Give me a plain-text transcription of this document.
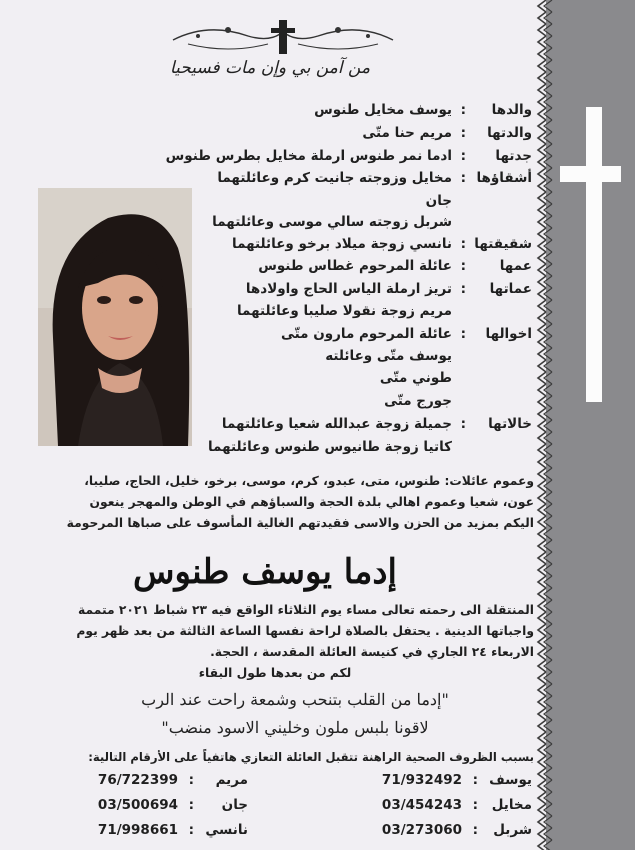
من آمن بي وإن مات فسيحيا
والدها
:
يوسف مخايل طنوس
والدتها
:
مريم حنا متّى
جدتها
:
ادما نمر طنوس ارملة مخايل بطرس طنوس
أشقاؤها
:
مخايل وزوجته جانيت كرم وعائلتهما
جان
شربل زوجته سالي موسى وعائلتهما
شقيقتها
:
نانسي زوجة ميلاد برخو وعائلتهما
عمها
:
عائلة المرحوم غطاس طنوس
عماتها
:
تريز ارملة الياس الحاج واولادها
مريم زوجة نقولا صليبا وعائلتهما
اخوالها
:
عائلة المرحوم مارون متّى
يوسف متّى وعائلته
طوني متّى
جورج متّى
خالاتها
:
جميلة زوجة عبدالله شعيا وعائلتهما
كاتيا زوجة طانيوس طنوس وعائلتهما
وعموم عائلات: طنوس، متى، عبدو، كرم، موسى، برخو، خليل، الحاج، صليبا،
عون، شعيا وعموم اهالي بلدة الحجة والسباؤهم في الوطن والمهجر ينعون
اليكم بمزيد من الحزن والاسى فقيدتهم الغالية المأسوف على صباها المرحومة
إدما يوسف طنوس
المنتقلة الى رحمته تعالى مساء يوم الثلاثاء الواقع فيه ٢٣ شباط ٢٠٢١ متممة
واجباتها الدينية . يحتفل بالصلاة لراحة نفسها الساعة الثالثة من بعد ظهر يوم
الاربعاء ٢٤ الجاري في كنيسة العائلة المقدسة ، الحجة.
لكم من بعدها طول البقاء
"إدما من القلب بتنحب وشمعة راحت عند الرب
لاقونا بلبس ملون وخليني الاسود منضب"
بسبب الظروف الصحية الراهنة تتقبل العائلة التعازي هاتفياً على الأرقام التالية:
يوسف
:
71/932492
مخايل
:
03/454243
شربل
:
03/273060
مريم
:
76/722399
جان
:
03/500694
نانسي
:
71/998661
